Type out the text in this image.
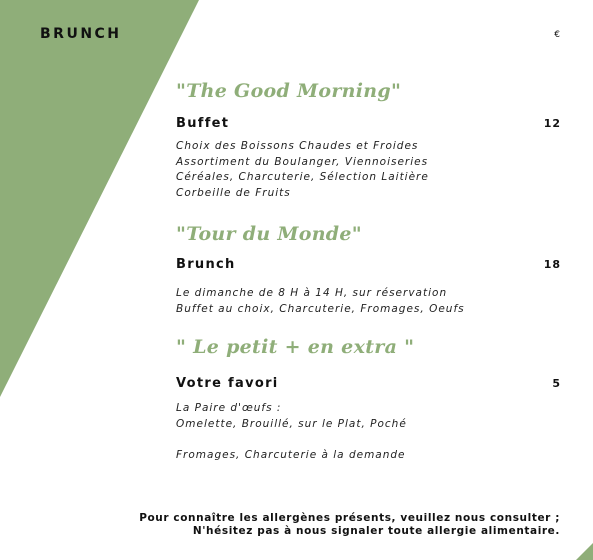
BRUNCH	€
"The Good Morning"
Buffet	12
Choix des Boissons Chaudes et Froides
Assortiment du Boulanger, Viennoiseries
Céréales, Charcuterie, Sélection Laitière
Corbeille de Fruits
"Tour du Monde"
Brunch	18
Le dimanche de 8 H à 14 H, sur réservation
Buffet au choix, Charcuterie, Fromages, Oeufs
" Le petit + en extra "
Votre favori	5
La Paire d'œufs :
Omelette, Brouillé, sur le Plat, Poché
Fromages, Charcuterie à la demande
Pour connaître les allergènes présents, veuillez nous consulter ;
N'hésitez pas à nous signaler toute allergie alimentaire.
